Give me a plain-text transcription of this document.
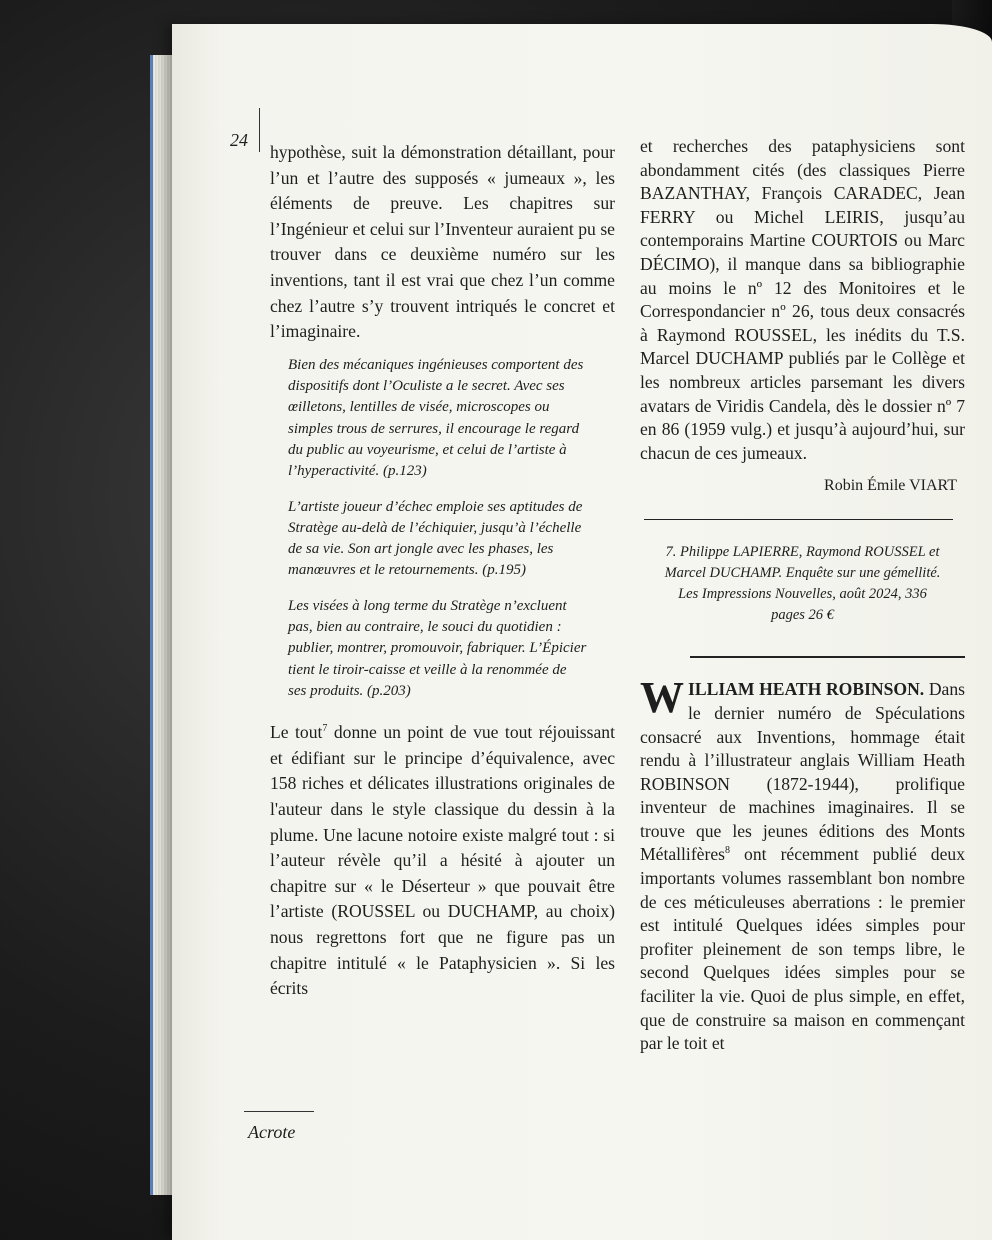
24

hypothèse, suit la démonstration détaillant, pour l’un et l’autre des supposés « jumeaux », les éléments de preuve. Les chapitres sur l’Ingénieur et celui sur l’Inventeur auraient pu se trouver dans ce deuxième numéro sur les inventions, tant il est vrai que chez l’un comme chez l’autre s’y trouvent intriqués le concret et l’imaginaire.

Bien des mécaniques ingénieuses comportent des dispositifs dont l’Oculiste a le secret. Avec ses œilletons, lentilles de visée, microscopes ou simples trous de serrures, il encourage le regard du public au voyeurisme, et celui de l’artiste à l’hyperactivité. (p.123)

L’artiste joueur d’échec emploie ses aptitudes de Stratège au-delà de l’échiquier, jusqu’à l’échelle de sa vie. Son art jongle avec les phases, les manœuvres et le retournements. (p.195)

Les visées à long terme du Stratège n’excluent pas, bien au contraire, le souci du quotidien : publier, montrer, promouvoir, fabriquer. L’Épicier tient le tiroir-caisse et veille à la renommée de ses produits. (p.203)

Le tout$^7$ donne un point de vue tout réjouissant et édifiant sur le principe d’équivalence, avec 158 riches et délicates illustrations originales de l'auteur dans le style classique du dessin à la plume. Une lacune notoire existe malgré tout : si l’auteur révèle qu’il a hésité à ajouter un chapitre sur « le Déserteur » que pouvait être l’artiste (ROUSSEL ou DUCHAMP, au choix) nous regrettons fort que ne figure pas un chapitre intitulé « le Pataphysicien ». Si les écrits

et recherches des pataphysiciens sont abondamment cités (des classiques Pierre BAZANTHAY, François CARADEC, Jean FERRY ou Michel LEIRIS, jusqu’au contemporains Martine COURTOIS ou Marc DÉCIMO), il manque dans sa bibliographie au moins le nº 12 des Monitoires et le Correspondancier nº 26, tous deux consacrés à Raymond ROUSSEL, les inédits du T.S. Marcel DUCHAMP publiés par le Collège et les nombreux articles parsemant les divers avatars de Viridis Candela, dès le dossier nº 7 en 86 (1959 vulg.) et jusqu’à aujourd’hui, sur chacun de ces jumeaux.

Robin Émile VIART

7. Philippe LAPIERRE, Raymond ROUSSEL et Marcel DUCHAMP. Enquête sur une gémellité. Les Impressions Nouvelles, août 2024, 336 pages 26 €

WILLIAM HEATH ROBINSON. Dans le dernier numéro de Spéculations consacré aux Inventions, hommage était rendu à l’illustrateur anglais William Heath ROBINSON (1872-1944), prolifique inventeur de machines imaginaires. Il se trouve que les jeunes éditions des Monts Métallifères$^8$ ont récemment publié deux importants volumes rassemblant bon nombre de ces méticuleuses aberrations : le premier est intitulé Quelques idées simples pour profiter pleinement de son temps libre, le second Quelques idées simples pour se faciliter la vie. Quoi de plus simple, en effet, que de construire sa maison en commençant par le toit et

Acrote
